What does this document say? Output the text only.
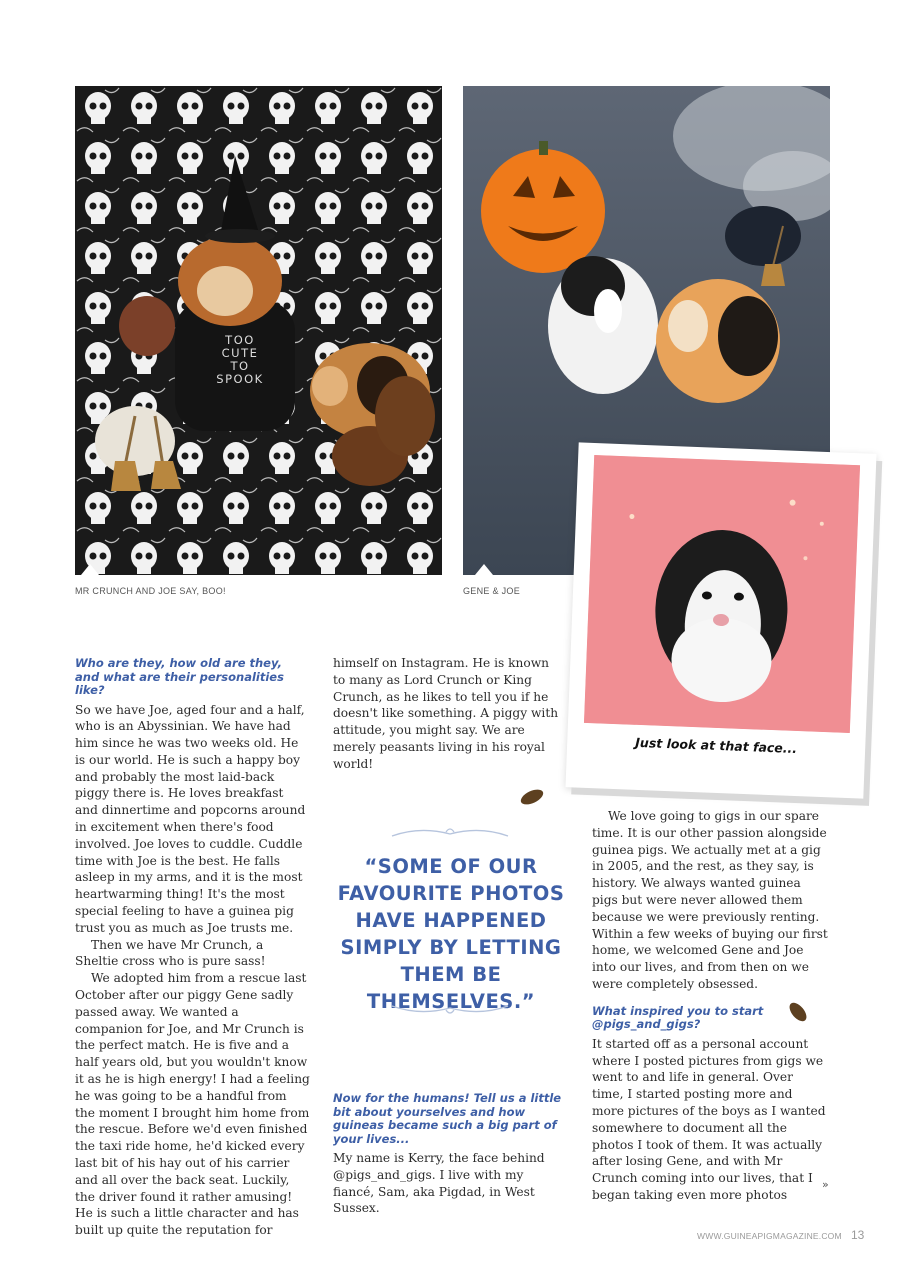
TOO
CUTE
TO
SPOOK
MR CRUNCH AND JOE SAY, BOO!	GENE & JOE
Just look at that face...
Who are they, how old are they, and what are their personalities like?

So we have Joe, aged four and a half, who is an Abyssinian. We have had him since he was two weeks old. He is our world. He is such a happy boy and probably the most laid-back piggy there is. He loves breakfast and dinnertime and popcorns around in excitement when there's food involved. Joe loves to cuddle. Cuddle time with Joe is the best. He falls asleep in my arms, and it is the most heartwarming thing! It's the most special feeling to have a guinea pig trust you as much as Joe trusts me.

Then we have Mr Crunch, a Sheltie cross who is pure sass!

We adopted him from a rescue last October after our piggy Gene sadly passed away. We wanted a companion for Joe, and Mr Crunch is the perfect match. He is five and a half years old, but you wouldn't know it as he is high energy! I had a feeling he was going to be a handful from the moment I brought him home from the rescue. Before we'd even finished the taxi ride home, he'd kicked every last bit of his hay out of his carrier and all over the back seat. Luckily, the driver found it rather amusing! He is such a little character and has built up quite the reputation for

himself on Instagram. He is known to many as Lord Crunch or King Crunch, as he likes to tell you if he doesn't like something. A piggy with attitude, you might say. We are merely peasants living in his royal world!

“SOME OF OUR FAVOURITE PHOTOS HAVE HAPPENED SIMPLY BY LETTING THEM BE THEMSELVES.”
Now for the humans! Tell us a little bit about yourselves and how guineas became such a big part of your lives...

My name is Kerry, the face behind @pigs_and_gigs. I live with my fiancé, Sam, aka Pigdad, in West Sussex.

We love going to gigs in our spare time. It is our other passion alongside guinea pigs. We actually met at a gig in 2005, and the rest, as they say, is history. We always wanted guinea pigs but were never allowed them because we were previously renting. Within a few weeks of buying our first home, we welcomed Gene and Joe into our lives, and from then on we were completely obsessed.

What inspired you to start @pigs_and_gigs?

It started off as a personal account where I posted pictures from gigs we went to and life in general. Over time, I started posting more and more pictures of the boys as I wanted somewhere to document all the photos I took of them. It was actually after losing Gene, and with Mr Crunch coming into our lives, that I began taking even more photos

»
WWW.GUINEAPIGMAGAZINE.COM 13
